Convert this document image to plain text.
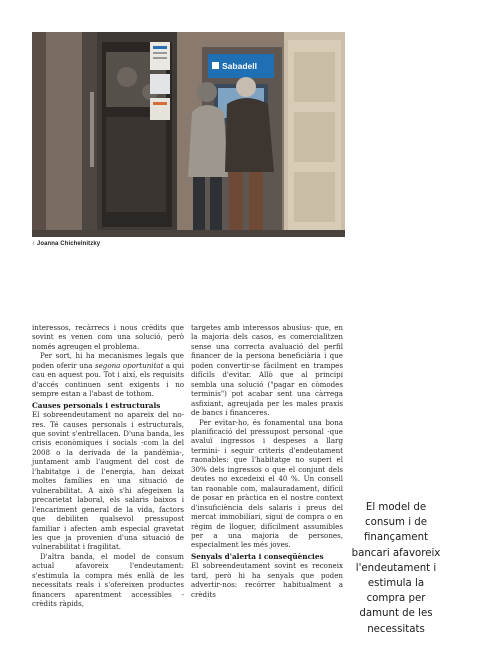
Sabadell
↑ Joanna Chichelnitzky

interessos, recàrrecs i nous crèdits que sovint es venen com una solució, però només agreugen el problema.

Per sort, hi ha mecanismes legals que poden oferir una segona oportunitat a qui cau en aquest pou. Tot i així, els requisits d'accés continuen sent exigents i no sempre estan a l'abast de tothom.

Causes personals i estructurals

El sobreendeutament no apareix del no-res. Té causes personals i estructurals, que sovint s'entrellacen. D'una banda, les crisis econòmiques i socials -com la del 2008 o la derivada de la pandèmia-, juntament amb l'augment del cost de l'habitatge i de l'energia, han deixat moltes famílies en una situació de vulnerabilitat. A això s'hi afegeixen la precarietat laboral, els salaris baixos i l'encariment general de la vida, factors que debiliten qualsevol pressupost familiar i afecten amb especial gravetat les que ja provenien d'una situació de vulnerabilitat i fragilitat.

D'altra banda, el model de consum actual afavoreix l'endeutament: s'estimula la compra més enllà de les necessitats reals i s'ofereixen productes financers aparentment accessibles -crèdits ràpids,

targetes amb interessos abusius- que, en la majoria dels casos, es comercialitzen sense una correcta avaluació del perfil financer de la persona beneficiària i que poden convertir-se fàcilment en trampes difícils d'evitar. Allò que al principi sembla una solució ("pagar en còmodes terminis") pot acabar sent una càrrega asfixiant, agreujada per les males praxis de bancs i financeres.

Per evitar-ho, és fonamental una bona planificació del pressupost personal -que avaluï ingressos i despeses a llarg termini- i seguir criteris d'endeutament raonables: que l'habitatge no superi el 30% dels ingressos o que el conjunt dels deutes no excedeixi el 40 %. Un consell tan raonable com, malauradament, difícil de posar en pràctica en el nostre context d'insuficiència dels salaris i preus del mercat immobiliari, sigui de compra o en règim de lloguer, difícilment assumibles per a una majoria de persones, especialment les més joves.

Senyals d'alerta i conseqüències

El sobreendeutament sovint es reconeix tard, però hi ha senyals que poden advertir-nos: recórrer habitualment a crèdits

El model de consum i de finançament bancari afavoreix l'endeutament i estimula la compra per damunt de les necessitats
